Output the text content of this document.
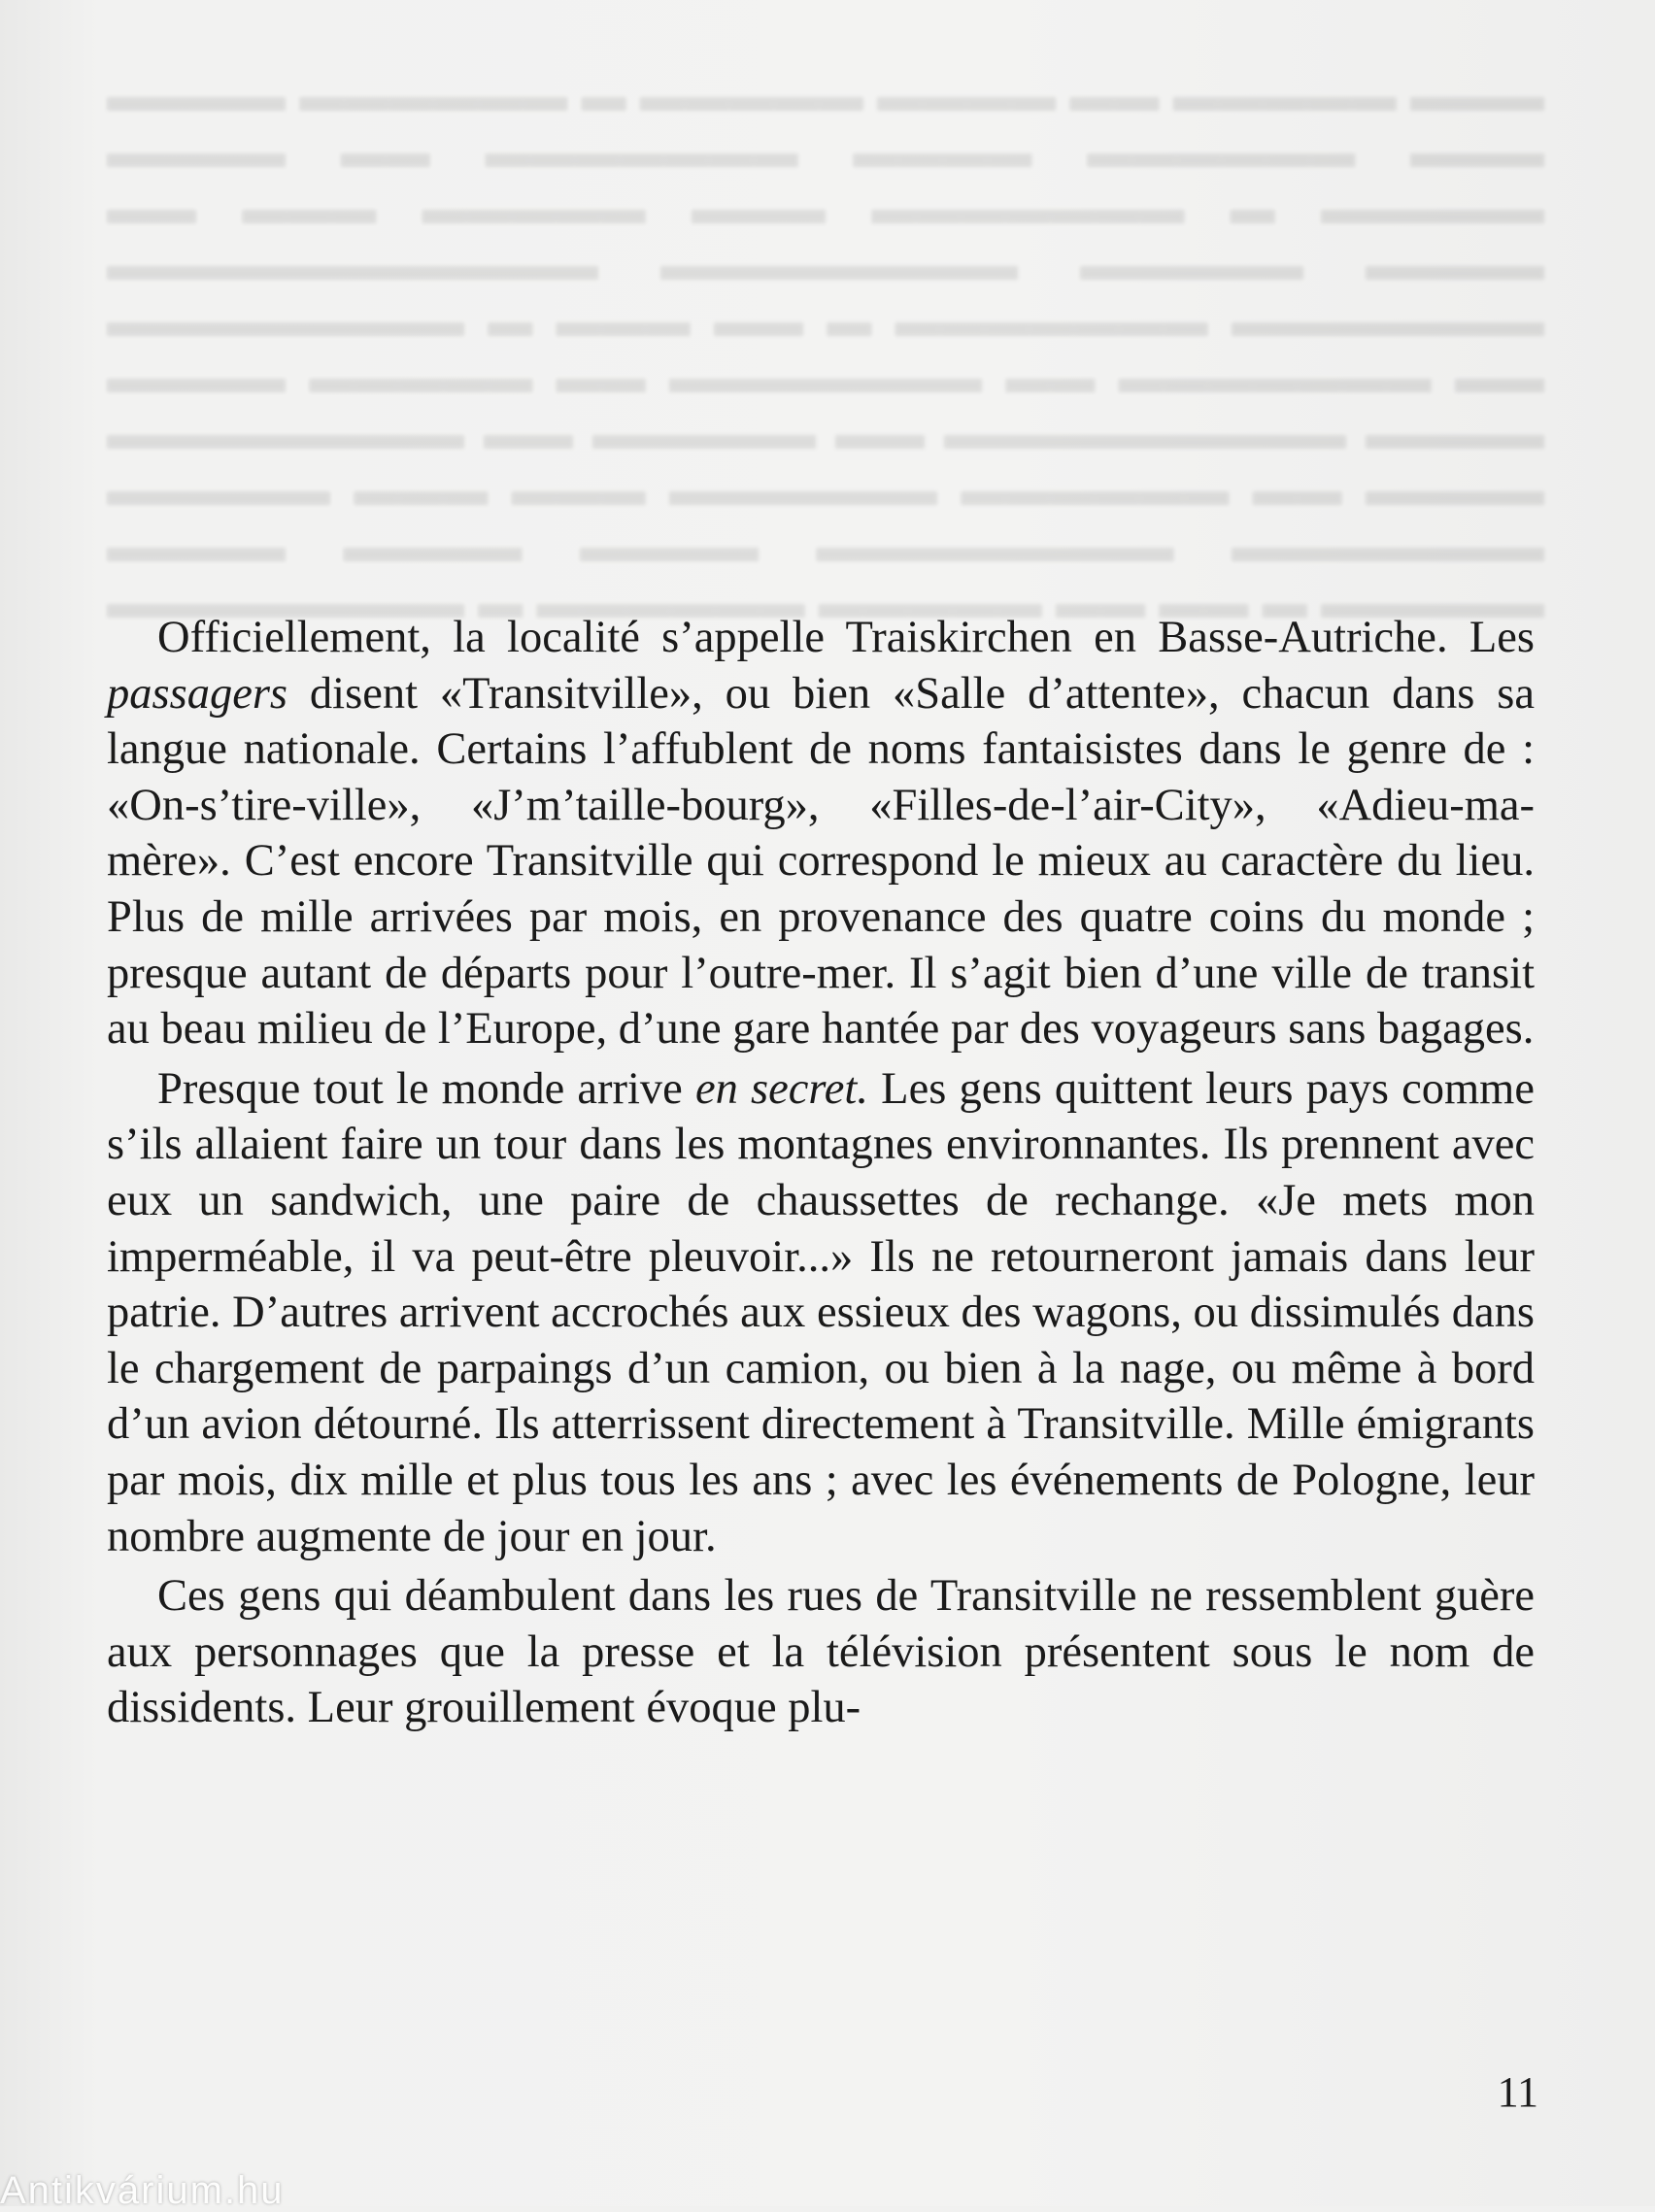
▬▬▬ ▬▬▬▬▬ ▬▬ ▬▬▬▬ ▬▬▬▬▬ ▬ ▬▬▬▬▬▬ ▬▬▬▬
▬▬▬ ▬▬▬▬▬▬ ▬▬▬▬ ▬▬▬▬▬▬▬ ▬▬ ▬▬▬▬
▬▬▬▬▬ ▬ ▬▬▬▬▬▬▬ ▬▬▬ ▬▬▬▬▬ ▬▬▬ ▬▬
▬▬▬▬ ▬▬▬▬▬ ▬▬▬▬▬▬▬▬ ▬▬▬▬▬▬▬▬▬▬▬
▬▬▬▬▬▬▬ ▬▬▬▬▬▬▬ ▬ ▬▬ ▬▬▬ ▬ ▬▬▬▬▬▬▬▬
▬▬ ▬▬▬▬▬▬▬ ▬▬ ▬▬▬▬▬▬▬ ▬▬ ▬▬▬▬▬ ▬▬▬▬
▬▬▬▬ ▬▬▬▬▬▬▬▬▬ ▬▬ ▬▬▬▬▬ ▬▬ ▬▬▬▬▬▬▬▬
▬▬▬▬ ▬▬ ▬▬▬▬▬▬ ▬▬▬▬▬▬ ▬▬▬ ▬▬▬ ▬▬▬▬▬
▬▬▬▬▬▬▬ ▬▬▬▬▬▬▬▬ ▬▬▬▬ ▬▬▬▬ ▬▬▬▬
▬▬▬▬▬ ▬ ▬▬ ▬▬ ▬▬▬▬▬ ▬▬▬▬▬▬ ▬ ▬▬▬▬▬▬▬▬

Officiellement, la localité s’appelle Traiskirchen en Basse-Autriche. Les passagers disent «Transitville», ou bien «Salle d’attente», chacun dans sa langue nationale. Certains l’affublent de noms fantaisistes dans le genre de : «On-s’tire-ville», «J’m’taille-bourg», «Filles-de-l’air-City», «Adieu-ma-mère». C’est encore Transitville qui correspond le mieux au caractère du lieu. Plus de mille arrivées par mois, en provenance des quatre coins du monde ; presque autant de départs pour l’outre-mer. Il s’agit bien d’une ville de transit au beau milieu de l’Europe, d’une gare hantée par des voyageurs sans bagages.

Presque tout le monde arrive en secret. Les gens quittent leurs pays comme s’ils allaient faire un tour dans les montagnes environnantes. Ils prennent avec eux un sandwich, une paire de chaussettes de rechange. «Je mets mon imperméable, il va peut-être pleuvoir...» Ils ne retourneront jamais dans leur patrie. D’autres arrivent accrochés aux essieux des wagons, ou dissimulés dans le chargement de parpaings d’un camion, ou bien à la nage, ou même à bord d’un avion détourné. Ils atterrissent directement à Transitville. Mille émigrants par mois, dix mille et plus tous les ans ; avec les événements de Pologne, leur nombre augmente de jour en jour.

Ces gens qui déambulent dans les rues de Transitville ne ressemblent guère aux personnages que la presse et la télévision présentent sous le nom de dissidents. Leur grouillement évoque plu-

11
Antikvárium.hu
